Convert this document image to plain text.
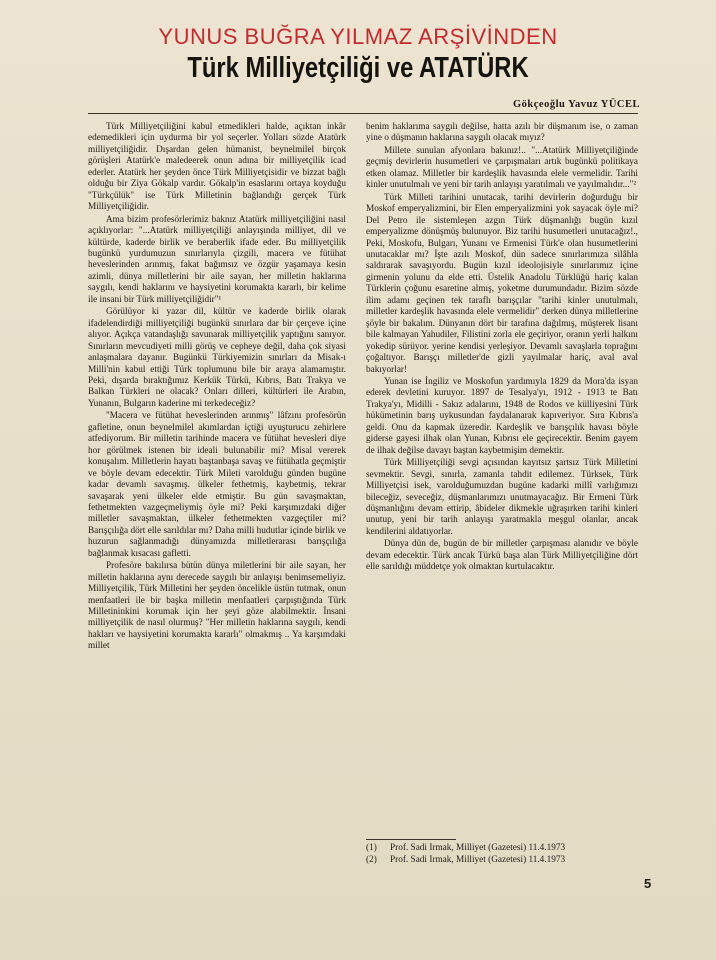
YUNUS BUĞRA YILMAZ ARŞİVİNDEN
Türk Milliyetçiliği ve ATATÜRK
Gökçeoğlu Yavuz YÜCEL

Türk Milliyetçiliğini kabul etmedikleri halde, açıktan inkâr edemedikleri için uydurma bir yol seçerler. Yolları sözde Atatürk milliyetçiliğidir. Dışardan gelen hümanist, beynelmilel birçok görüşleri Atatürk'e maledeerek onun adına bir milliyetçilik icad ederler. Atatürk her şeyden önce Türk Milliyetçisidir ve bizzat bağlı olduğu bir Ziya Gökalp vardır. Gökalp'in esaslarını ortaya koyduğu "Türkçülük" ise Türk Milletinin bağlandığı gerçek Türk Milliyetçiliğidir.

Ama bizim profesörlerimiz baknız Atatürk milliyetçiliğini nasıl açıklıyorlar: "...Atatürk milliyetçiliği anlayışında milliyet, dil ve kültürde, kaderde birlik ve beraberlik ifade eder. Bu milliyetçilik bugünkü yurdumuzun sınırlarıyla çizgili, macera ve fütühat heveslerinden arınmış, fakat bağımsız ve özgür yaşamaya kesin azimli, dünya milletlerini bir aile sayan, her milletin haklarına saygılı, kendi haklarını ve haysiyetini korumakta kararlı, bir kelime ile insani bir Türk milliyetçiliğidir"¹

Görülüyor ki yazar dil, kültür ve kaderde birlik olarak ifadelendirdiği milliyetçiliği bugünkü sınırlara dar bir çerçeve içine alıyor. Açıkça vatandaşlığı savunarak milliyetçilik yaptığını sanıyor. Sınırların mevcudiyeti milli görüş ve cepheye değil, daha çok siyasi anlaşmalara dayanır. Bugünkü Türkiyemizin sınırları da Misak-ı Milli'nin kabul ettiği Türk toplumunu bile bir araya alamamıştır. Peki, dışarda bıraktığımız Kerkük Türkü, Kıbrıs, Batı Trakya ve Balkan Türkleri ne olacak? Onları dilleri, kültürleri ile Arabın, Yunanın, Bulgarın kaderine mi terkedeceğiz?

"Macera ve fütühat heveslerinden arınmış" lâfzını profesörün gafletine, onun beynelmilel akımlardan içtiği uyuşturucu zehirlere atfediyorum. Bir milletin tarihinde macera ve fütühat hevesleri diye hor görülmek istenen bir ideali bulunabilir mi? Misal vererek konuşalım. Milletlerin hayatı baştanbaşa savaş ve fütühatla geçmiştir ve böyle devam edecektir. Türk Mileti varolduğu günden bugüne kadar devamlı savaşmış. ülkeler fethetmiş, kaybetmiş, tekrar savaşarak yeni ülkeler elde etmiştir. Bu gün savaşmaktan, fethetmekten vazgeçmeliymiş öyle mi? Peki karşımızdaki diğer milletler savaşmaktan, ülkeler fethetmekten vazgeçtiler mi? Barışçılığa dört elle sarıldılar mı? Daha milli hudutlar içinde birlik ve huzurun sağlanmadığı dünyamızda milletlerarası barışçılığa bağlanmak kısacası gafletti.

Profesöre bakılırsa bütün dünya miletlerini bir aile sayan, her milletin haklarına aynı derecede saygılı bir anlayışı benimsemeliyiz. Milliyetçilik, Türk Milletini her şeyden öncelikle üstün tutmak, onun menfaatleri ile bir başka milletin menfaatleri çarpıştığında Türk Milletininkini korumak için her şeyi göze alabilmektir. İnsani milliyetçilik de nasıl olurmuş? "Her milletin haklarına saygılı, kendi hakları ve haysiyetini korumakta kararlı" olmakmış .. Ya karşımdaki millet

benim haklarıma saygılı değilse, hatta azılı bir düşmanım ise, o zaman yine o düşmanın haklarına saygılı olacak mıyız?

Millete sunulan afyonlara bakınız!.. "...Atatürk Milliyetçiliğinde geçmiş devirlerin husumetleri ve çarpışmaları artık bugünkü politikaya etken olamaz. Milletler bir kardeşlik havasında elele vermelidir. Tarihi kinler unutulmalı ve yeni bir tarih anlayışı yaratılmalı ve yayılmalıdır..."²

Türk Milleti tarihini unutacak, tarihi devirlerin doğurduğu bir Moskof emperyalizmini, bir Elen emperyalizmini yok sayacak öyle mi? Del Petro ile sistemleşen azgın Türk düşmanlığı bugün kızıl emperyalizme dönüşmüş bulunuyor. Biz tarihi husumetleri unutacağız!., Peki, Moskofu, Bulgarı, Yunanı ve Ermenisi Türk'e olan husumetlerini unutacaklar mı? İşte azılı Moskof, dün sadece sınırlarımıza silâhla saldırarak savaşıyordu. Bugün kızıl ideolojisiyle sınırlarımız içine girmenin yolunu da elde etti. Üstelik Anadolu Türklüğü hariç kalan Türklerin çoğunu esaretine almış, yoketme durumundadır. Bizim sözde ilim adamı geçinen tek taraflı barışçılar "tarihi kinler unutulmalı, milletler kardeşlik havasında elele vermelidir" derken dünya milletlerine şöyle bir bakalım. Dünyanın dört bir tarafına dağılmış, müşterek lisanı bile kalmayan Yahudiler, Filistini zorla ele geçiriyor, oranın yerli halkını yokedip sürüyor. yerine kendisi yerleşiyor. Devamlı savaşlarla toprağını çoğaltıyor. Barışçı milletler'de gizli yayılmalar hariç, aval aval bakıyorlar!

Yunan ise İngiliz ve Moskofun yardımıyla 1829 da Mora'da isyan ederek devletini kuruyor. 1897 de Tesalya'yı, 1912 - 1913 te Batı Trakya'yı, Midilli - Sakız adalarını, 1948 de Rodos ve külliyesini Türk hükümetinin barış uykusundan faydalanarak kapıveriyor. Sıra Kıbrıs'a geldi. Onu da kapmak üzeredir. Kardeşlik ve barışçılık havası böyle giderse gayesi ilhak olan Yunan, Kıbrısı ele geçirecektir. Benim gayem de ilhak değilse davayı baştan kaybetmişim demektir.

Türk Milliyetçiliği sevgi açısından kayıtsız şartsız Türk Milletini sevmektir. Sevgi, sınırla, zamanla tahdit edilemez. Türksek, Türk Milliyetçisi isek, varolduğumuzdan bugüne kadarki millî varlığımızı bileceğiz, seveceğiz, düşmanlarımızı unutmayacağız. Bir Ermeni Türk düşmanlığını devam ettirip, âbideler dikmekle uğraşırken tarihi kinleri unutup, yeni bir tarih anlayışı yaratmakla meşgul olanlar, ancak kendilerini aldatıyorlar.

Dünya dün de, bugün de bir milletler çarpışması alanıdır ve böyle devam edecektir. Türk ancak Türkü başa alan Türk Milliyetçiliğine dört elle sarıldığı müddetçe yok olmaktan kurtulacaktır.

(1)	Prof. Sadi Irmak, Milliyet (Gazetesi) 11.4.1973
(2)	Prof. Sadi Irmak, Milliyet (Gazetesi) 11.4.1973
5
